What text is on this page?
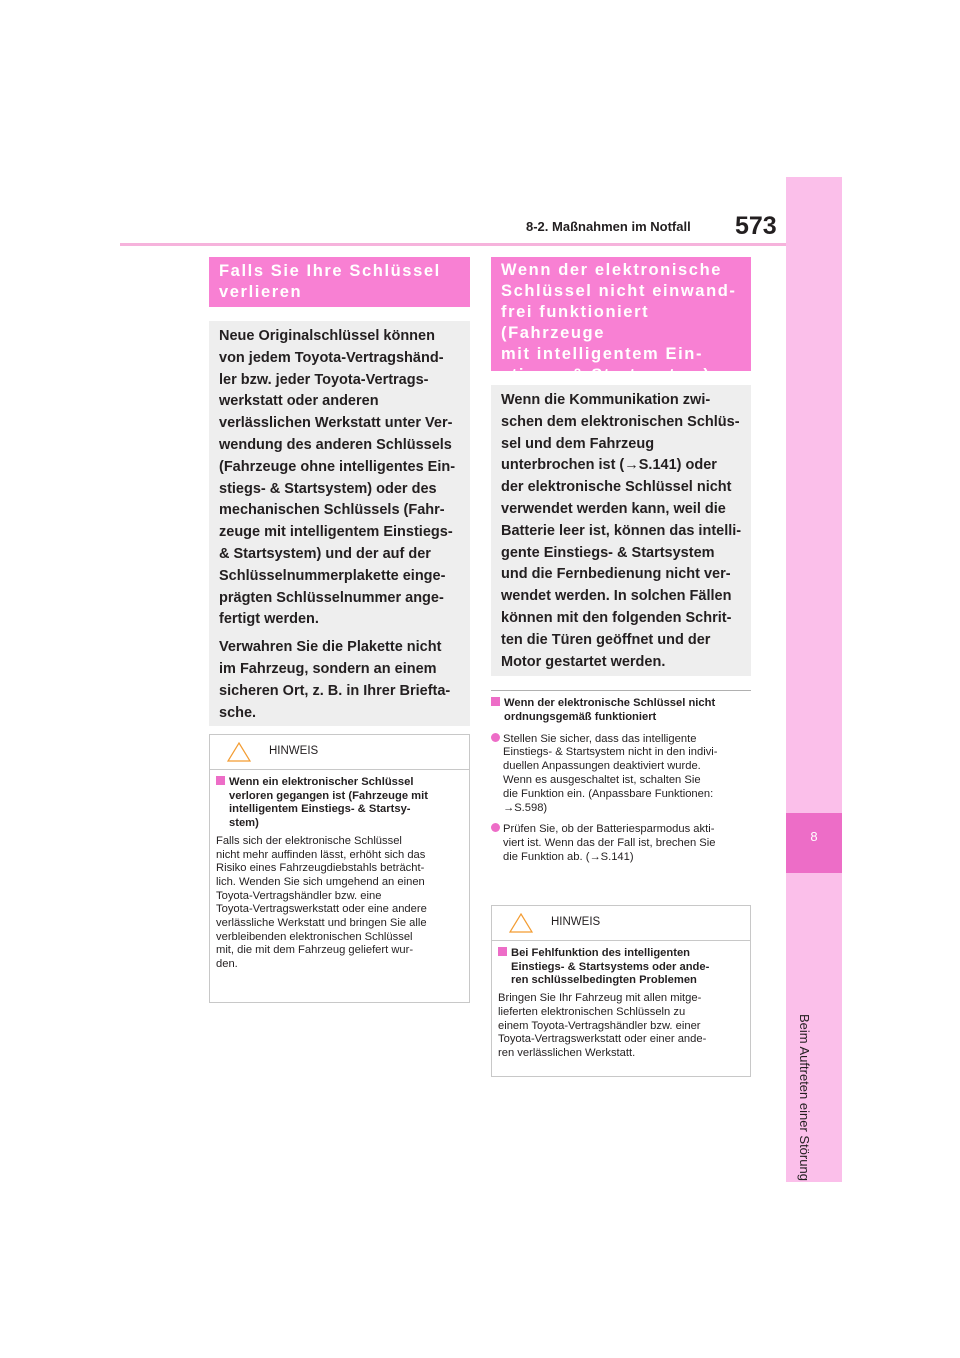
8-2. Maßnahmen im Notfall 573
8
Falls Sie Ihre Schlüssel
verlieren

Neue Originalschlüssel können

von jedem Toyota-Vertragshänd-

ler bzw. jeder Toyota-Vertrags-

werkstatt oder anderen

verlässlichen Werkstatt unter Ver-

wendung des anderen Schlüssels

(Fahrzeuge ohne intelligentes Ein-

stiegs- & Startsystem) oder des

mechanischen Schlüssels (Fahr-

zeuge mit intelligentem Einstiegs-

& Startsystem) und der auf der

Schlüsselnummerplakette einge-

prägten Schlüsselnummer ange-

fertigt werden.

Verwahren Sie die Plakette nicht

im Fahrzeug, sondern an einem

sicheren Ort, z. B. in Ihrer Briefta-

sche.

HINWEIS
Wenn ein elektronischer Schlüssel
verloren gegangen ist (Fahrzeuge mit
intelligentem Einstiegs- & Startsy-
stem)
Falls sich der elektronische Schlüssel
nicht mehr auffinden lässt, erhöht sich das
Risiko eines Fahrzeugdiebstahls beträcht-
lich. Wenden Sie sich umgehend an einen
Toyota-Vertragshändler bzw. eine
Toyota-Vertragswerkstatt oder eine andere
verlässliche Werkstatt und bringen Sie alle
verbleibenden elektronischen Schlüssel
mit, die mit dem Fahrzeug geliefert wur-
den.
Wenn der elektronische
Schlüssel nicht einwand-
frei funktioniert (Fahrzeuge
mit intelligentem Ein-
stiegs- & Startsystem)

Wenn die Kommunikation zwi-

schen dem elektronischen Schlüs-

sel und dem Fahrzeug

unterbrochen ist (→S.141) oder

der elektronische Schlüssel nicht

verwendet werden kann, weil die

Batterie leer ist, können das intelli-

gente Einstiegs- & Startsystem

und die Fernbedienung nicht ver-

wendet werden. In solchen Fällen

können mit den folgenden Schrit-

ten die Türen geöffnet und der

Motor gestartet werden.

Wenn der elektronische Schlüssel nicht
ordnungsgemäß funktioniert
Stellen Sie sicher, dass das intelligente
Einstiegs- & Startsystem nicht in den indivi-
duellen Anpassungen deaktiviert wurde.
Wenn es ausgeschaltet ist, schalten Sie
die Funktion ein. (Anpassbare Funktionen:
→S.598)
Prüfen Sie, ob der Batteriesparmodus akti-
viert ist. Wenn das der Fall ist, brechen Sie
die Funktion ab. (→S.141)
HINWEIS
Bei Fehlfunktion des intelligenten
Einstiegs- & Startsystems oder ande-
ren schlüsselbedingten Problemen
Bringen Sie Ihr Fahrzeug mit allen mitge-
lieferten elektronischen Schlüsseln zu
einem Toyota-Vertragshändler bzw. einer
Toyota-Vertragswerkstatt oder einer ande-
ren verlässlichen Werkstatt.
